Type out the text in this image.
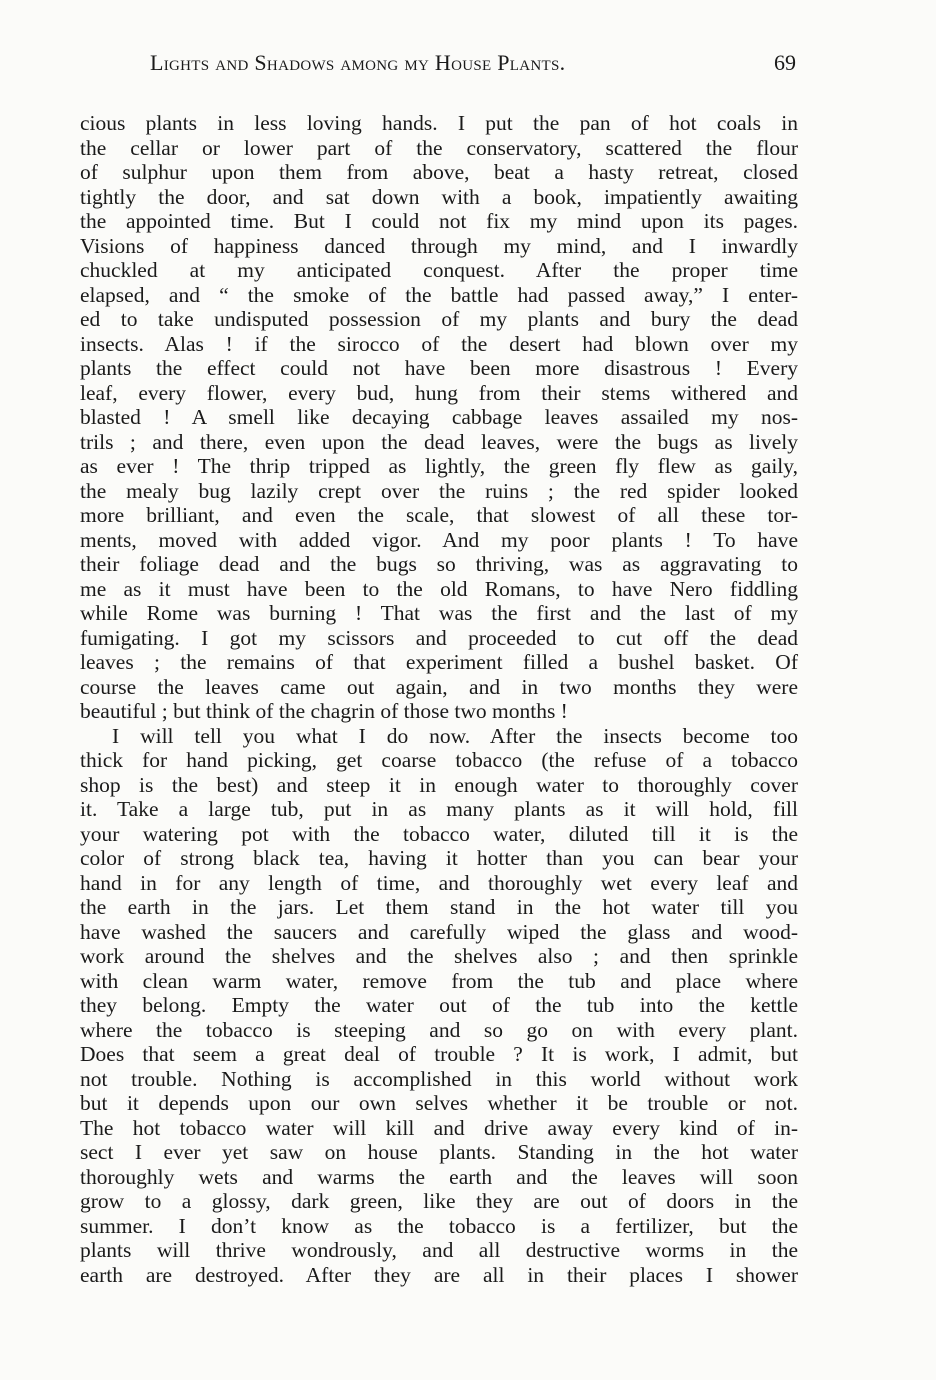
Lights and Shadows among my House Plants.	69
cious plants in less loving hands. I put the pan of hot coals in
the cellar or lower part of the conservatory, scattered the flour
of sulphur upon them from above, beat a hasty retreat, closed
tightly the door, and sat down with a book, impatiently awaiting
the appointed time. But I could not fix my mind upon its pages.
Visions of happiness danced through my mind, and I inwardly
chuckled at my anticipated conquest. After the proper time
elapsed, and “ the smoke of the battle had passed away,” I enter-
ed to take undisputed possession of my plants and bury the dead
insects. Alas ! if the sirocco of the desert had blown over my
plants the effect could not have been more disastrous ! Every
leaf, every flower, every bud, hung from their stems withered and
blasted ! A smell like decaying cabbage leaves assailed my nos-
trils ; and there, even upon the dead leaves, were the bugs as lively
as ever ! The thrip tripped as lightly, the green fly flew as gaily,
the mealy bug lazily crept over the ruins ; the red spider looked
more brilliant, and even the scale, that slowest of all these tor-
ments, moved with added vigor. And my poor plants ! To have
their foliage dead and the bugs so thriving, was as aggravating to
me as it must have been to the old Romans, to have Nero fiddling
while Rome was burning ! That was the first and the last of my
fumigating. I got my scissors and proceeded to cut off the dead
leaves ; the remains of that experiment filled a bushel basket. Of
course the leaves came out again, and in two months they were
beautiful ; but think of the chagrin of those two months !
I will tell you what I do now. After the insects become too
thick for hand picking, get coarse tobacco (the refuse of a tobacco
shop is the best) and steep it in enough water to thoroughly cover
it. Take a large tub, put in as many plants as it will hold, fill
your watering pot with the tobacco water, diluted till it is the
color of strong black tea, having it hotter than you can bear your
hand in for any length of time, and thoroughly wet every leaf and
the earth in the jars. Let them stand in the hot water till you
have washed the saucers and carefully wiped the glass and wood-
work around the shelves and the shelves also ; and then sprinkle
with clean warm water, remove from the tub and place where
they belong. Empty the water out of the tub into the kettle
where the tobacco is steeping and so go on with every plant.
Does that seem a great deal of trouble ? It is work, I admit, but
not trouble. Nothing is accomplished in this world without work
but it depends upon our own selves whether it be trouble or not.
The hot tobacco water will kill and drive away every kind of in-
sect I ever yet saw on house plants. Standing in the hot water
thoroughly wets and warms the earth and the leaves will soon
grow to a glossy, dark green, like they are out of doors in the
summer. I don’t know as the tobacco is a fertilizer, but the
plants will thrive wondrously, and all destructive worms in the
earth are destroyed. After they are all in their places I shower
